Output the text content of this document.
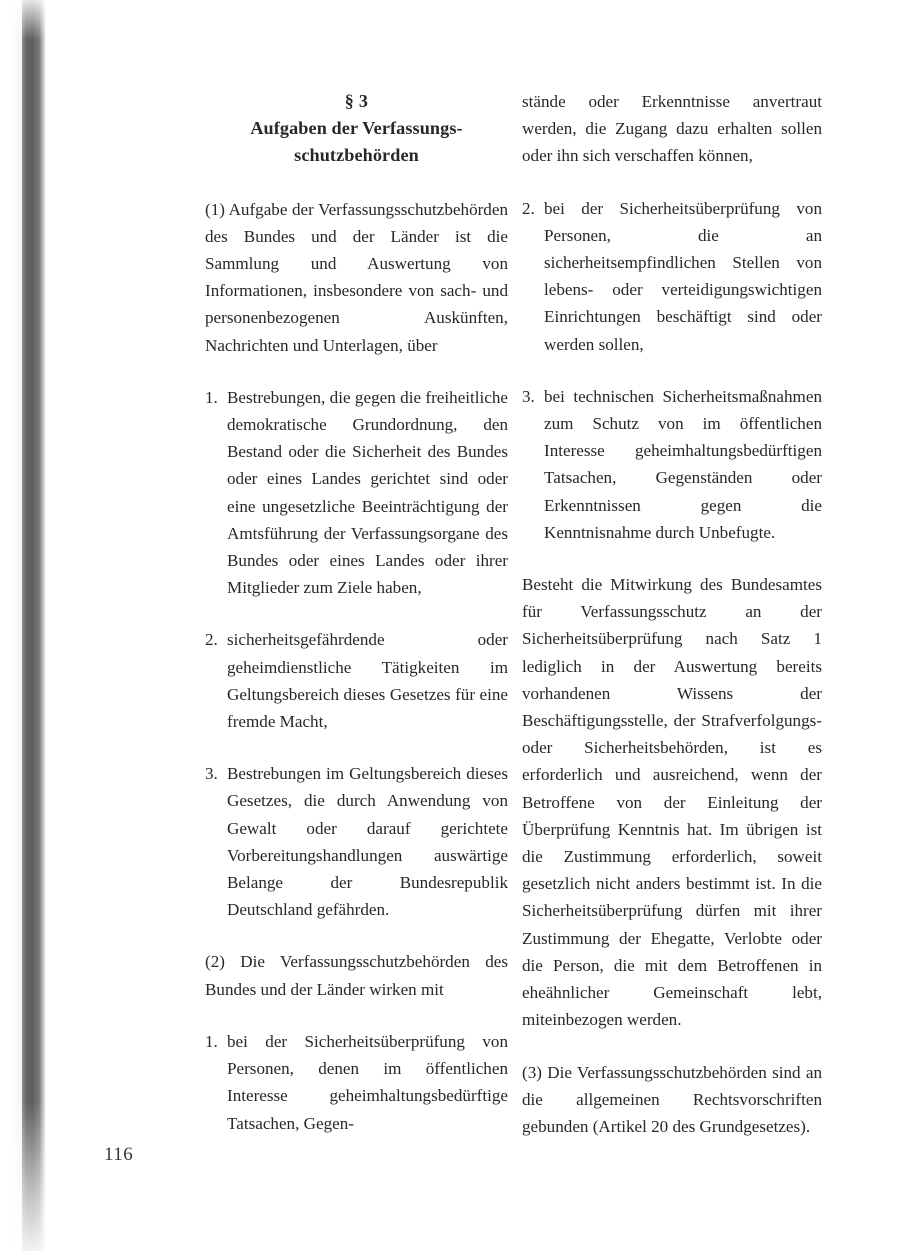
116
§ 3
Aufgaben der Verfassungs-
schutzbehörden

(1) Aufgabe der Verfassungsschutzbehörden des Bundes und der Länder ist die Sammlung und Auswertung von Informationen, insbesondere von sach- und personenbezogenen Auskünften, Nachrichten und Unterlagen, über

1. Bestrebungen, die gegen die freiheitliche demokratische Grundordnung, den Bestand oder die Sicherheit des Bundes oder eines Landes gerichtet sind oder eine ungesetzliche Beeinträchtigung der Amtsführung der Verfassungsorgane des Bundes oder eines Landes oder ihrer Mitglieder zum Ziele haben,
2. sicherheitsgefährdende oder geheimdienstliche Tätigkeiten im Geltungsbereich dieses Gesetzes für eine fremde Macht,
3. Bestrebungen im Geltungsbereich dieses Gesetzes, die durch Anwendung von Gewalt oder darauf gerichtete Vorbereitungshandlungen auswärtige Belange der Bundesrepublik Deutschland gefährden.

(2) Die Verfassungsschutzbehörden des Bundes und der Länder wirken mit

1. bei der Sicherheitsüberprüfung von Personen, denen im öffentlichen Interesse geheimhaltungsbedürftige Tatsachen, Gegen-

stände oder Erkenntnisse anvertraut werden, die Zugang dazu erhalten sollen oder ihn sich verschaffen können,

2. bei der Sicherheitsüberprüfung von Personen, die an sicherheitsempfindlichen Stellen von lebens- oder verteidigungswichtigen Einrichtungen beschäftigt sind oder werden sollen,
3. bei technischen Sicherheitsmaßnahmen zum Schutz von im öffentlichen Interesse geheimhaltungsbedürftigen Tatsachen, Gegenständen oder Erkenntnissen gegen die Kenntnisnahme durch Unbefugte.

Besteht die Mitwirkung des Bundesamtes für Verfassungsschutz an der Sicherheitsüberprüfung nach Satz 1 lediglich in der Auswertung bereits vorhandenen Wissens der Beschäftigungsstelle, der Strafverfolgungs- oder Sicherheitsbehörden, ist es erforderlich und ausreichend, wenn der Betroffene von der Einleitung der Überprüfung Kenntnis hat. Im übrigen ist die Zustimmung erforderlich, soweit gesetzlich nicht anders bestimmt ist. In die Sicherheitsüberprüfung dürfen mit ihrer Zustimmung der Ehegatte, Verlobte oder die Person, die mit dem Betroffenen in eheähnlicher Gemeinschaft lebt, miteinbezogen werden.

(3) Die Verfassungsschutzbehörden sind an die allgemeinen Rechtsvorschriften gebunden (Artikel 20 des Grundgesetzes).
